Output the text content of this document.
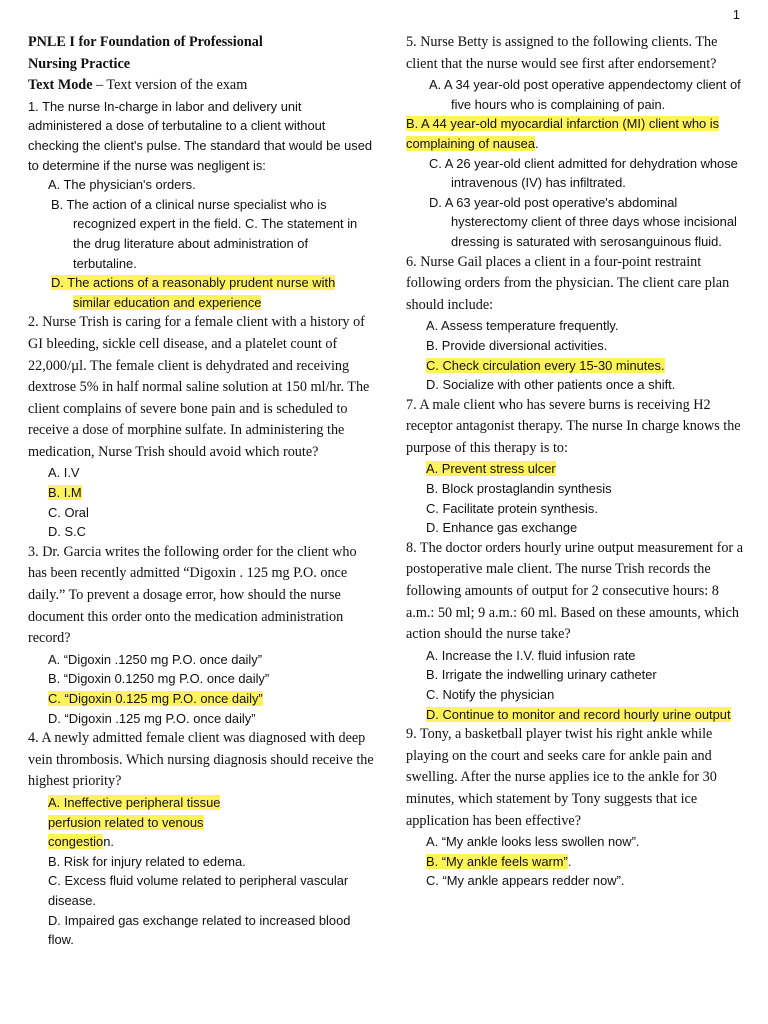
1
PNLE I for Foundation of Professional
Nursing Practice
Text Mode – Text version of the exam
1. The nurse In-charge in labor and delivery unit administered a dose of terbutaline to a client without checking the client's pulse. The standard that would be used to determine if the nurse was negligent is:
A. The physician's orders.
B. The action of a clinical nurse specialist who is recognized expert in the field. C. The statement in the drug literature about administration of terbutaline.
D. The actions of a reasonably prudent nurse with similar education and experience
2. Nurse Trish is caring for a female client with a history of GI bleeding, sickle cell disease, and a platelet count of 22,000/µl. The female client is dehydrated and receiving dextrose 5% in half normal saline solution at 150 ml/hr. The client complains of severe bone pain and is scheduled to
receive a dose of morphine sulfate. In administering the medication, Nurse Trish should avoid which route?
A. I.V
B. I.M
C. Oral
D. S.C
3. Dr. Garcia writes the following order for the client who has been recently admitted “Digoxin . 125 mg P.O. once daily.” To prevent a dosage error, how should the nurse document this order onto the medication administration record?
A. “Digoxin .1250 mg P.O. once daily”
B. “Digoxin 0.1250 mg P.O. once daily”
C. “Digoxin 0.125 mg P.O. once daily”
D. “Digoxin .125 mg P.O. once daily”
4. A newly admitted female client was diagnosed with deep vein thrombosis. Which nursing diagnosis should receive the highest priority?
A. Ineffective peripheral tissue
perfusion related to venous
congestion.
B. Risk for injury related to edema.
C. Excess fluid volume related to peripheral vascular disease.
D. Impaired gas exchange related to increased blood flow.
5. Nurse Betty is assigned to the following clients. The client that the nurse would see first after endorsement?
A. A 34 year-old post operative appendectomy client of five hours who is complaining of pain.
B. A 44 year-old myocardial infarction (MI) client who is complaining of nausea.
C. A 26 year-old client admitted for dehydration whose intravenous (IV) has infiltrated.
D. A 63 year-old post operative's abdominal hysterectomy client of three days whose incisional dressing is saturated with serosanguinous fluid.
6. Nurse Gail places a client in a four-point restraint following orders from the physician. The client care plan should include:
A. Assess temperature frequently.
B. Provide diversional activities.
C. Check circulation every 15-30 minutes.
D. Socialize with other patients once a shift.
7. A male client who has severe burns is receiving H2 receptor antagonist therapy. The nurse In charge knows the purpose of this therapy is to:
A. Prevent stress ulcer
B. Block prostaglandin synthesis
C. Facilitate protein synthesis.
D. Enhance gas exchange
8. The doctor orders hourly urine output measurement for a postoperative male client. The nurse Trish records the following amounts of output for 2 consecutive hours: 8 a.m.: 50 ml; 9 a.m.: 60 ml. Based on these amounts, which action should the nurse take?
A. Increase the I.V. fluid infusion rate
B. Irrigate the indwelling urinary catheter
C. Notify the physician
D. Continue to monitor and record hourly urine output
9. Tony, a basketball player twist his right ankle while playing on the court and seeks care for ankle pain and swelling. After the nurse applies ice to the ankle for 30 minutes, which statement by Tony suggests that ice application has been effective?
A. “My ankle looks less swollen now”.
B. “My ankle feels warm”.
C. “My ankle appears redder now”.
